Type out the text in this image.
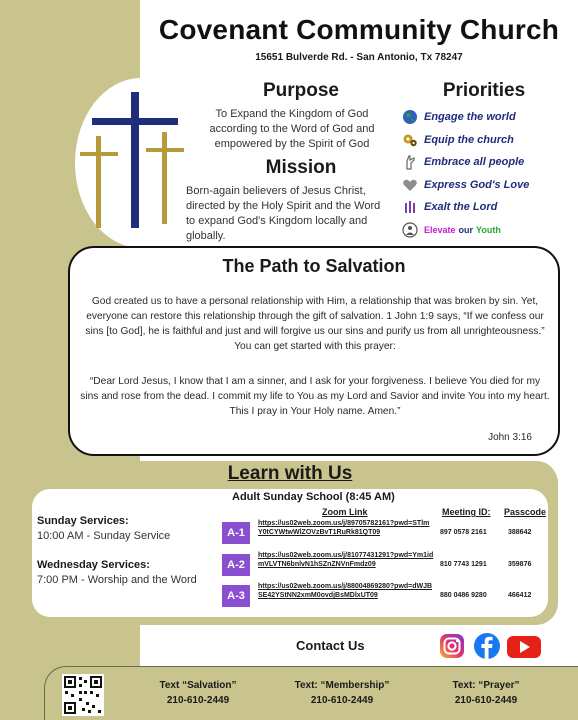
Covenant Community Church
15651 Bulverde Rd. - San Antonio, Tx 78247
Purpose
To Expand the Kingdom of God according to the Word of God and empowered by the Spirit of God
Mission
Born-again believers of Jesus Christ, directed by the Holy Spirit and the Word to expand God's Kingdom locally and globally.
Priorities
Engage the world
Equip the church
Embrace all people
Express God's Love
Exalt the Lord
Elevate our Youth
The Path to Salvation
God created us to have a personal relationship with Him, a relationship that was broken by sin. Yet, everyone can restore this relationship through the gift of salvation. 1 John 1:9 says, “If we confess our sins [to God], he is faithful and just and will forgive us our sins and purify us from all unrighteousness.” You can get started with this prayer:
“Dear Lord Jesus, I know that I am a sinner, and I ask for your forgiveness. I believe You died for my sins and rose from the dead. I commit my life to You as my Lord and Savior and invite You into my heart. This I pray in Your Holy name. Amen.”
John 3:16
Learn with Us
Adult Sunday School (8:45 AM)
Sunday Services:
10:00 AM - Sunday Service
Wednesday Services:
7:00 PM - Worship and the Word
Zoom Link	Meeting ID: Passcode
A-1
https://us02web.zoom.us/j/89705782161?pwd=STlmY0tCYWtwWlZOVzBvT1RuRk81QT09	897 0578 2161	388642
A-2
https://us02web.zoom.us/j/81077431291?pwd=Ym1idmVLVTN6bnlvN1hSZnZNVnFmdz09	810 7743 1291	359876
A-3
https://us02web.zoom.us/j/88004869280?pwd=dWJBSE42YStNN2xmM0ovdjBsMDlxUT09	880 0486 9280	466412
Contact Us
Text “Salvation”
210-610-2449
Text: “Membership”
210-610-2449
Text: “Prayer”
210-610-2449
